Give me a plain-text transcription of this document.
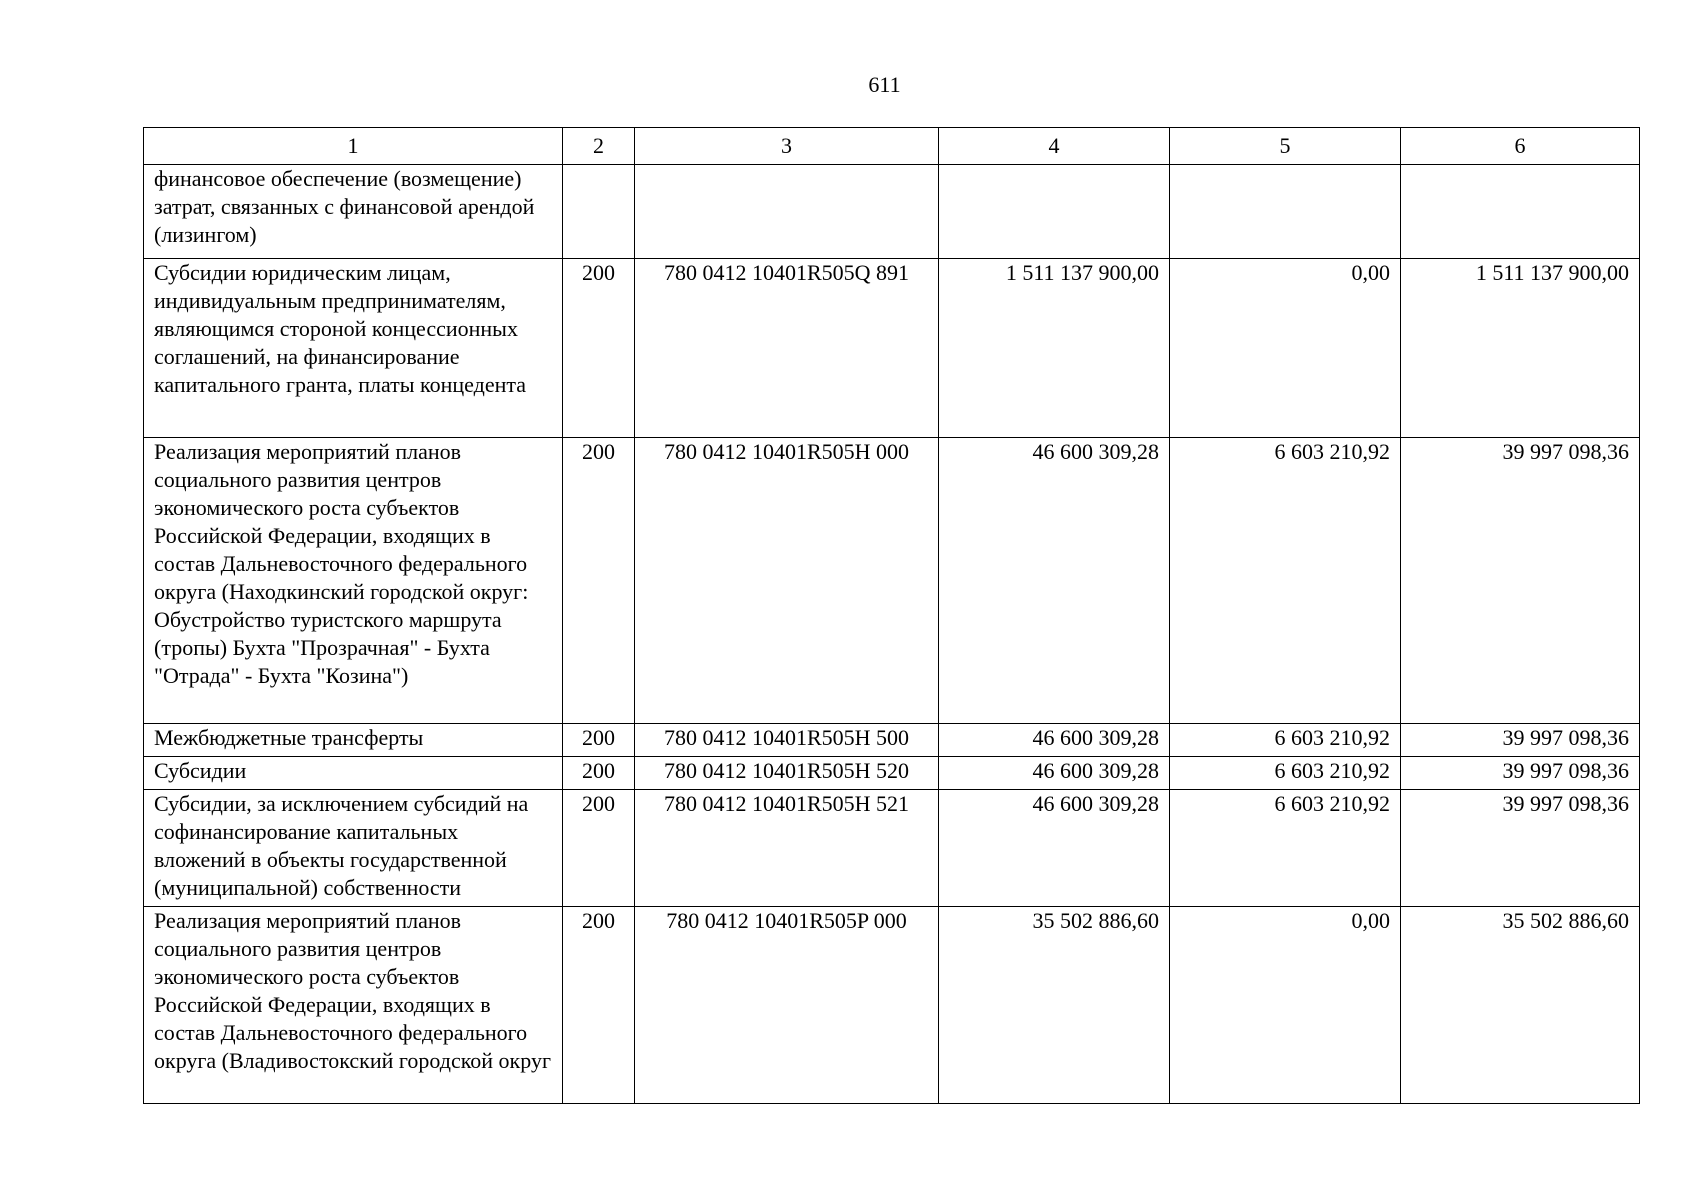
611
1	2	3	4	5	6
финансовое обеспечение (возмещение) затрат, связанных с финансовой арендой (лизингом)					
Субсидии юридическим лицам, индивидуальным предпринимателям, являющимся стороной концессионных соглашений, на финансирование капитального гранта, платы концедента	200	780 0412 10401R505Q 891	1 511 137 900,00	0,00	1 511 137 900,00
Реализация мероприятий планов социального развития центров экономического роста субъектов Российской Федерации, входящих в состав Дальневосточного федерального округа (Находкинский городской округ: Обустройство туристского маршрута (тропы) Бухта "Прозрачная" - Бухта "Отрада" - Бухта "Козина")	200	780 0412 10401R505H 000	46 600 309,28	6 603 210,92	39 997 098,36
Межбюджетные трансферты	200	780 0412 10401R505H 500	46 600 309,28	6 603 210,92	39 997 098,36
Субсидии	200	780 0412 10401R505H 520	46 600 309,28	6 603 210,92	39 997 098,36
Субсидии, за исключением субсидий на софинансирование капитальных вложений в объекты государственной (муниципальной) собственности	200	780 0412 10401R505H 521	46 600 309,28	6 603 210,92	39 997 098,36
Реализация мероприятий планов социального развития центров экономического роста субъектов Российской Федерации, входящих в состав Дальневосточного федерального округа (Владивостокский городской округ	200	780 0412 10401R505P 000	35 502 886,60	0,00	35 502 886,60
